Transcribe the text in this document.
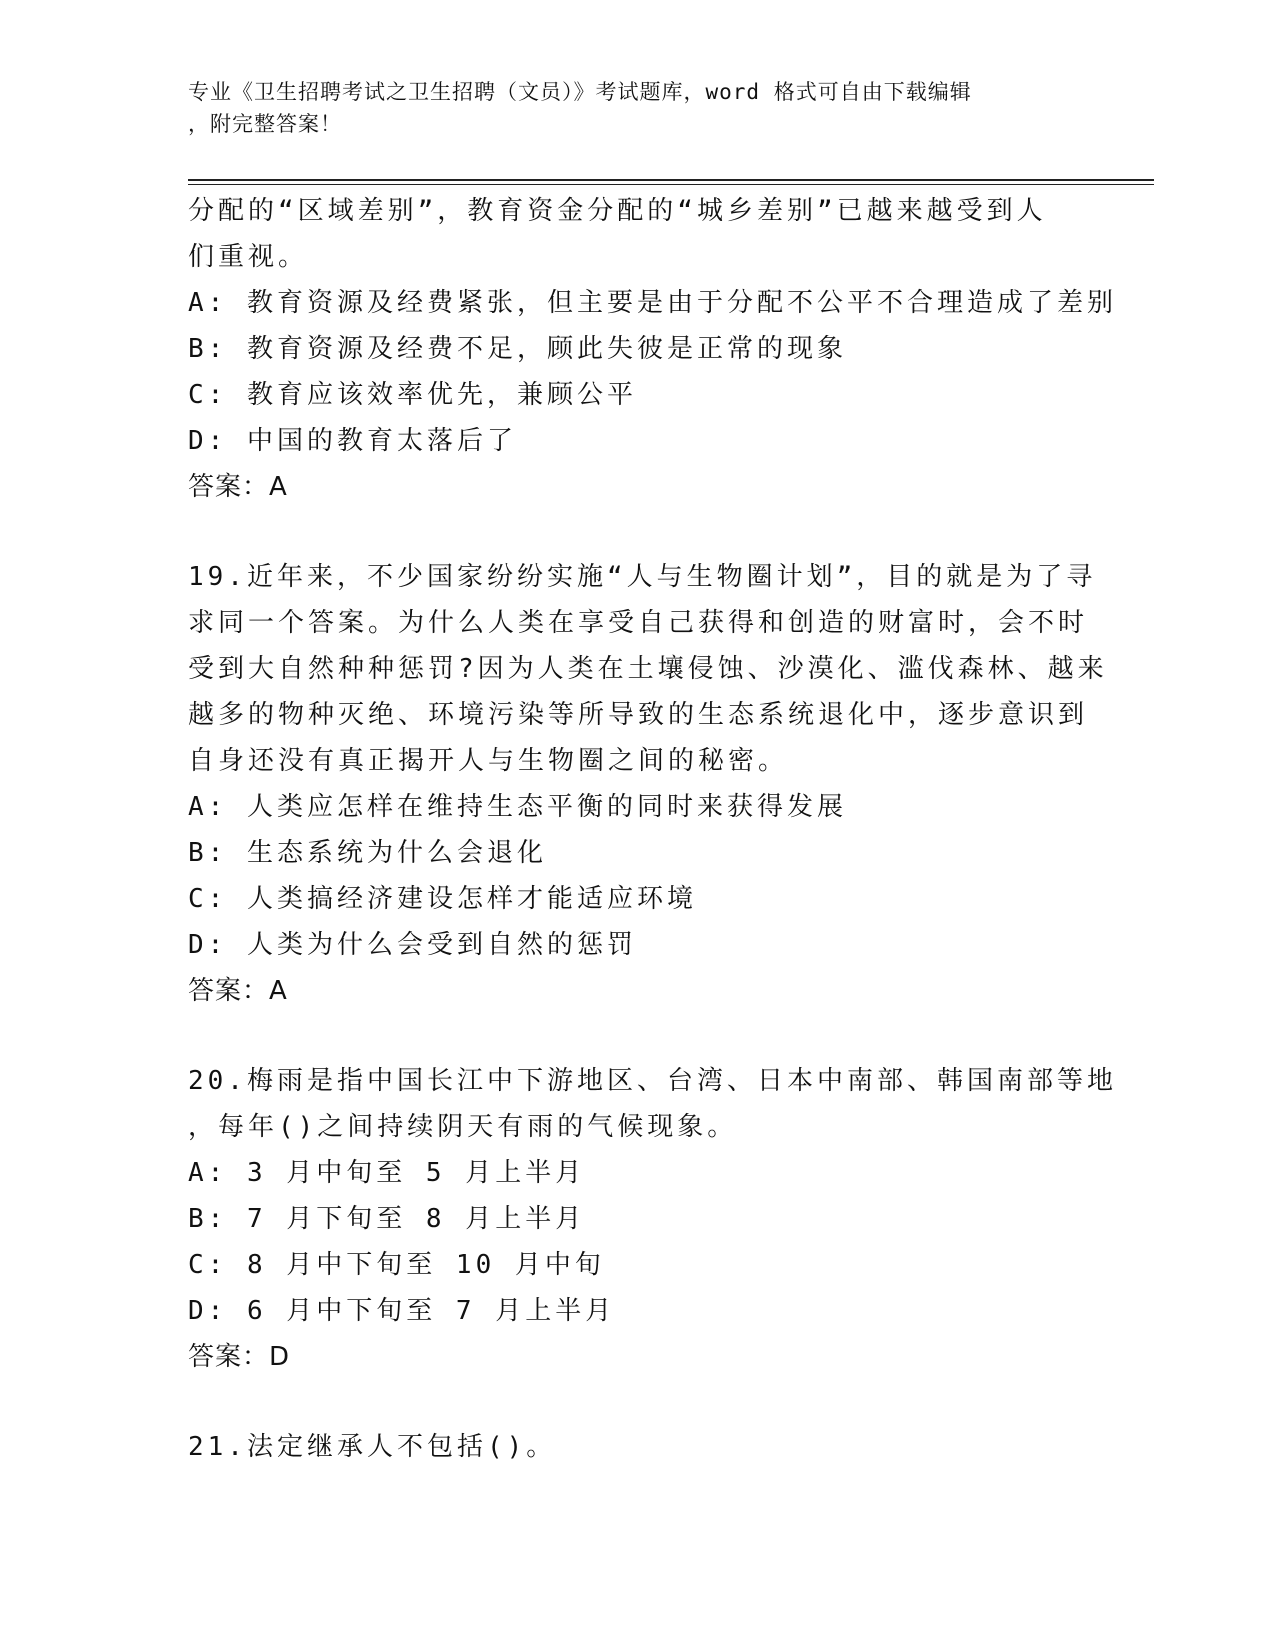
专业《卫生招聘考试之卫生招聘（文员）》考试题库，word 格式可自由下载编辑
，附完整答案！
分配的“区域差别”，教育资金分配的“城乡差别”已越来越受到人
们重视。
A: 教育资源及经费紧张，但主要是由于分配不公平不合理造成了差别
B: 教育资源及经费不足，顾此失彼是正常的现象
C: 教育应该效率优先，兼顾公平
D: 中国的教育太落后了
答案：A
19.近年来，不少国家纷纷实施“人与生物圈计划”，目的就是为了寻
求同一个答案。为什么人类在享受自己获得和创造的财富时，会不时
受到大自然种种惩罚?因为人类在土壤侵蚀、沙漠化、滥伐森林、越来
越多的物种灭绝、环境污染等所导致的生态系统退化中，逐步意识到
自身还没有真正揭开人与生物圈之间的秘密。
A: 人类应怎样在维持生态平衡的同时来获得发展
B: 生态系统为什么会退化
C: 人类搞经济建设怎样才能适应环境
D: 人类为什么会受到自然的惩罚
答案：A
20.梅雨是指中国长江中下游地区、台湾、日本中南部、韩国南部等地
，每年()之间持续阴天有雨的气候现象。
A: 3 月中旬至 5 月上半月
B: 7 月下旬至 8 月上半月
C: 8 月中下旬至 10 月中旬
D: 6 月中下旬至 7 月上半月
答案：D
21.法定继承人不包括()。
